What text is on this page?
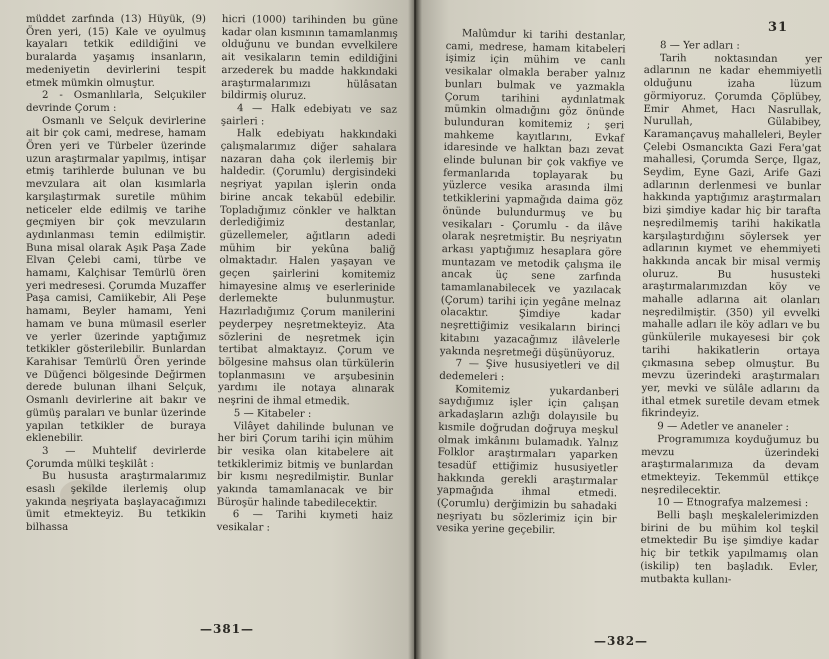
müddet zarfında (13) Hüyük, (9) Ören yeri, (15) Kale ve oyulmuş kayaları tetkik edildiğini ve buralarda yaşamış insanların, medeniyetin devirlerini tespit etmek mümkin olmuştur.

2 - Osmanlılarla, Selçukiler devrinde Çorum :

Osmanlı ve Selçuk devirlerine ait bir çok cami, medrese, hamam Ören yeri ve Türbeler üzerinde uzun araştırmalar yapılmış, intişar etmiş tarihlerde bulunan ve bu mevzulara ait olan kısımlarla karşılaştırmak suretile mühim neticeler elde edilmiş ve tarihe geçmiyen bir çok mevzuların aydınlanması temin edilmiştir. Buna misal olarak Aşık Paşa Zade Elvan Çelebi cami, türbe ve hamamı, Kalçhisar Temürlü ören yeri medresesi. Çorumda Muzaffer Paşa camisi, Camiikebir, Ali Peşe hamamı, Beyler hamamı, Yeni hamam ve buna mümasil eserler ve yerler üzerinde yaptığımız tetkikler gösterilebilir. Bunlardan Karahisar Temürlü Ören yerinde ve Düğenci bölgesinde Değirmen derede bulunan ilhani Selçuk, Osmanlı devirlerine ait bakır ve gümüş paraları ve bunlar üzerinde yapılan tetkikler de buraya eklenebilir.

3 — Muhtelif devirlerde Çorumda mülki teşkilât :

Bu hususta araştırmalarımız esaslı şekilde ilerlemiş olup yakında neşriyata başlayacağımızı ümit etmekteyiz. Bu tetkikin bilhassa

hicri (1000) tarihinden bu güne kadar olan kısmının tamamlanmış olduğunu ve bundan evvelkilere ait vesikaların temin edildiğini arzederek bu madde hakkındaki araştırmalarımızı hülâsatan bildirmiş oluruz.

4 — Halk edebiyatı ve saz şairleri :

Halk edebiyatı hakkındaki çalışmalarımız diğer sahalara nazaran daha çok ilerlemiş bir haldedir. (Çorumlu) dergisindeki neşriyat yapılan işlerin onda birine ancak tekabül edebilir. Topladığımız cönkler ve halktan derlediğimiz destanlar, güzellemeler, ağıtların adedi mühim bir yekûna baliğ olmaktadır. Halen yaşayan ve geçen şairlerini komitemiz himayesine almış ve eserlerinide derlemekte bulunmuştur. Hazırladığımız Çorum manilerini peyderpey neşretmekteyiz. Ata sözlerini de neşretmek için tertibat almaktayız. Çorum ve bölgesine mahsus olan türkülerin toplanmasını ve arşubesinin yardımı ile notaya alınarak neşrini de ihmal etmedik.

5 — Kitabeler :

Vilâyet dahilinde bulunan ve her biri Çorum tarihi için mühim bir vesika olan kitabelere ait tetkiklerimiz bitmiş ve bunlardan bir kısmı neşredilmiştir. Bunlar yakında tamamlanacak ve bir Büroşür halinde tabedilecektir.

6 — Tarihi kıymeti haiz vesikalar :

—381—

Malûmdur ki tarihi destanlar, cami, medrese, hamam kitabeleri işimiz için mühim ve canlı vesikalar olmakla beraber yalnız bunları bulmak ve yazmakla Çorum tarihini aydınlatmak mümkin olmadığını göz önünde bulunduran komitemiz ; şeri mahkeme kayıtlarını, Evkaf idaresinde ve halktan bazı zevat elinde bulunan bir çok vakfiye ve fermanlarıda toplayarak bu yüzlerce vesika arasında ilmi tetkiklerini yapmağıda daima göz önünde bulundurmuş ve bu vesikaları - Çorumlu - da ilâve olarak neşretmiştir. Bu neşriyatın arkası yaptığımız hesaplara göre muntazam ve metodik çalışma ile ancak üç sene zarfında tamamlanabilecek ve yazılacak (Çorum) tarihi için yegâne melnaz olacaktır. Şimdiye kadar neşrettiğimiz vesikaların birinci kitabını yazacağımız ilâvelerle yakında neşretmeği düşünüyoruz.

7 — Şive hususiyetleri ve dil dedemeleri :

Komitemiz yukardanberi saydığımız işler için çalışan arkadaşların azlığı dolayısile bu kısmile doğrudan doğruya meşkul olmak imkânını bulamadık. Yalnız Folklor araştırmaları yaparken tesadüf ettiğimiz hususiyetler hakkında gerekli araştırmalar yapmağıda ihmal etmedi. (Çorumlu) derğimizin bu sahadaki neşriyatı bu sözlerimiz için bir vesika yerine geçebilir.

8 — Yer adları :

Tarih noktasından yer adlarının ne kadar ehemmiyetli olduğunu izaha lüzum görmiyoruz. Çorumda Çöplübey, Emir Ahmet, Hacı Nasrullak, Nurullah, Gülabibey, Karamançavuş mahalleleri, Beyler Çelebi Osmancıkta Gazi Fera'gat mahallesi, Çorumda Serçe, Ilgaz, Seydim, Eyne Gazi, Arife Gazi adlarının derlenmesi ve bunlar hakkında yaptığımız araştırmaları bizi şimdiye kadar hiç bir tarafta neşredilmemiş tarihi hakikatla karşılaştırdığını söylersek yer adlarının kıymet ve ehemmiyeti hakkında ancak bir misal vermiş oluruz. Bu hususteki araştırmalarımızdan köy ve mahalle adlarına ait olanları neşredilmiştir. (350) yil evvelki mahalle adları ile köy adları ve bu günkülerile mukayesesi bir çok tarihi hakikatlerin ortaya çıkmasına sebep olmuştur. Bu mevzu üzerindeki araştırmaları yer, mevki ve sülâle adlarını da ithal etmek suretile devam etmek fikrindeyiz.

9 — Adetler ve ananeler :

Programımıza koyduğumuz bu mevzu üzerindeki araştırmalarımıza da devam etmekteyiz. Tekemmül ettikçe neşredilecektir.

10 — Etnografya malzemesi :

Belli başlı meşkalelerimizden birini de bu mühim kol teşkil etmektedir Bu işe şimdiye kadar hiç bir tetkik yapılmamış olan (iskilip) ten başladık. Evler, mutbakta kullanı-

31
—382—
